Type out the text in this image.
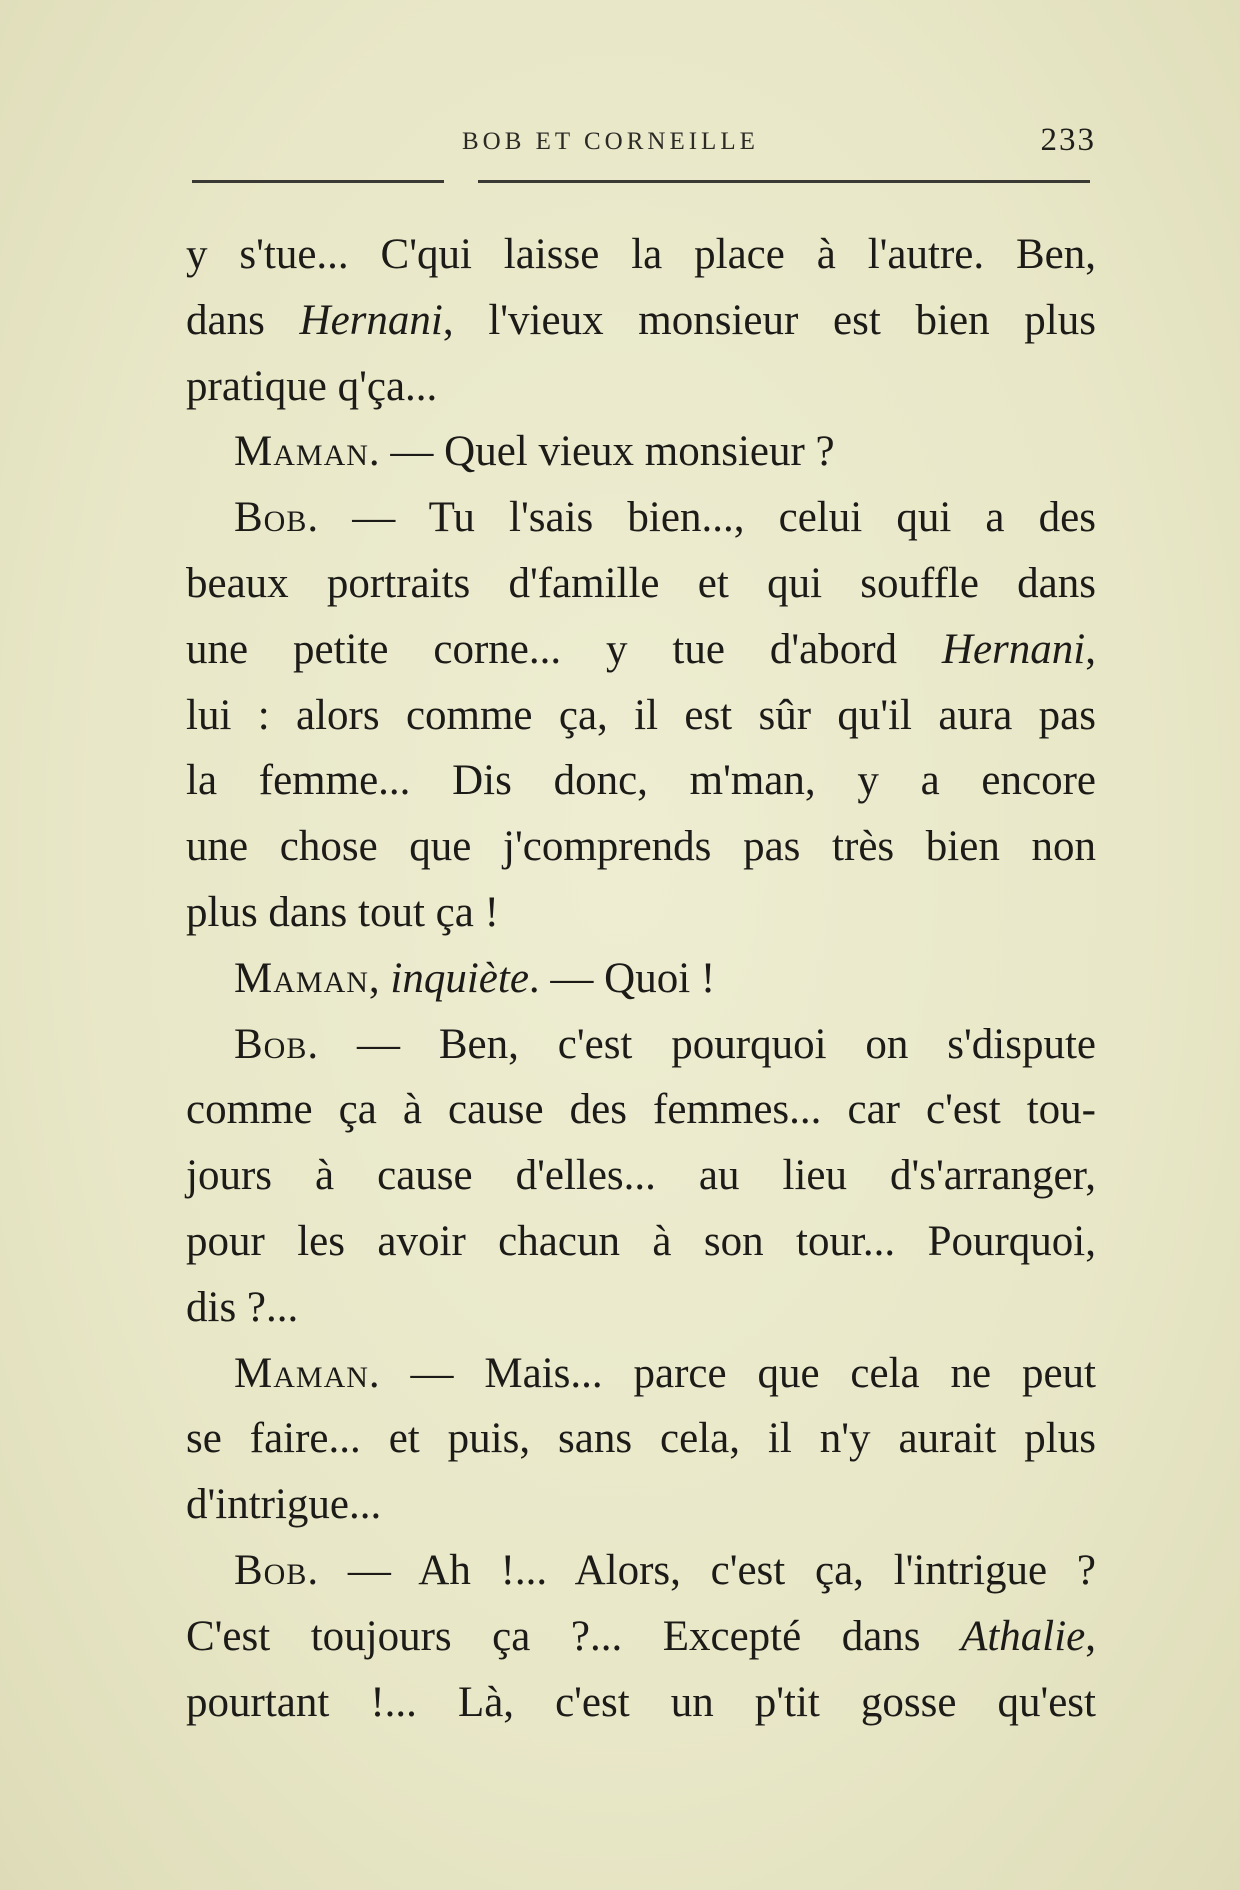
BOB ET CORNEILLE	233
y s'tue... C'qui laisse la place à l'autre. Ben,
dans Hernani, l'vieux monsieur est bien plus
pratique q'ça...
Maman. — Quel vieux monsieur ?
Bob. — Tu l'sais bien..., celui qui a des
beaux portraits d'famille et qui souffle dans
une petite corne... y tue d'abord Hernani,
lui : alors comme ça, il est sûr qu'il aura pas
la femme... Dis donc, m'man, y a encore
une chose que j'comprends pas très bien non
plus dans tout ça !
Maman, inquiète. — Quoi !
Bob. — Ben, c'est pourquoi on s'dispute
comme ça à cause des femmes... car c'est tou-
jours à cause d'elles... au lieu d's'arranger,
pour les avoir chacun à son tour... Pourquoi,
dis ?...
Maman. — Mais... parce que cela ne peut
se faire... et puis, sans cela, il n'y aurait plus
d'intrigue...
Bob. — Ah !... Alors, c'est ça, l'intrigue ?
C'est toujours ça ?... Excepté dans Athalie,
pourtant !... Là, c'est un p'tit gosse qu'est
